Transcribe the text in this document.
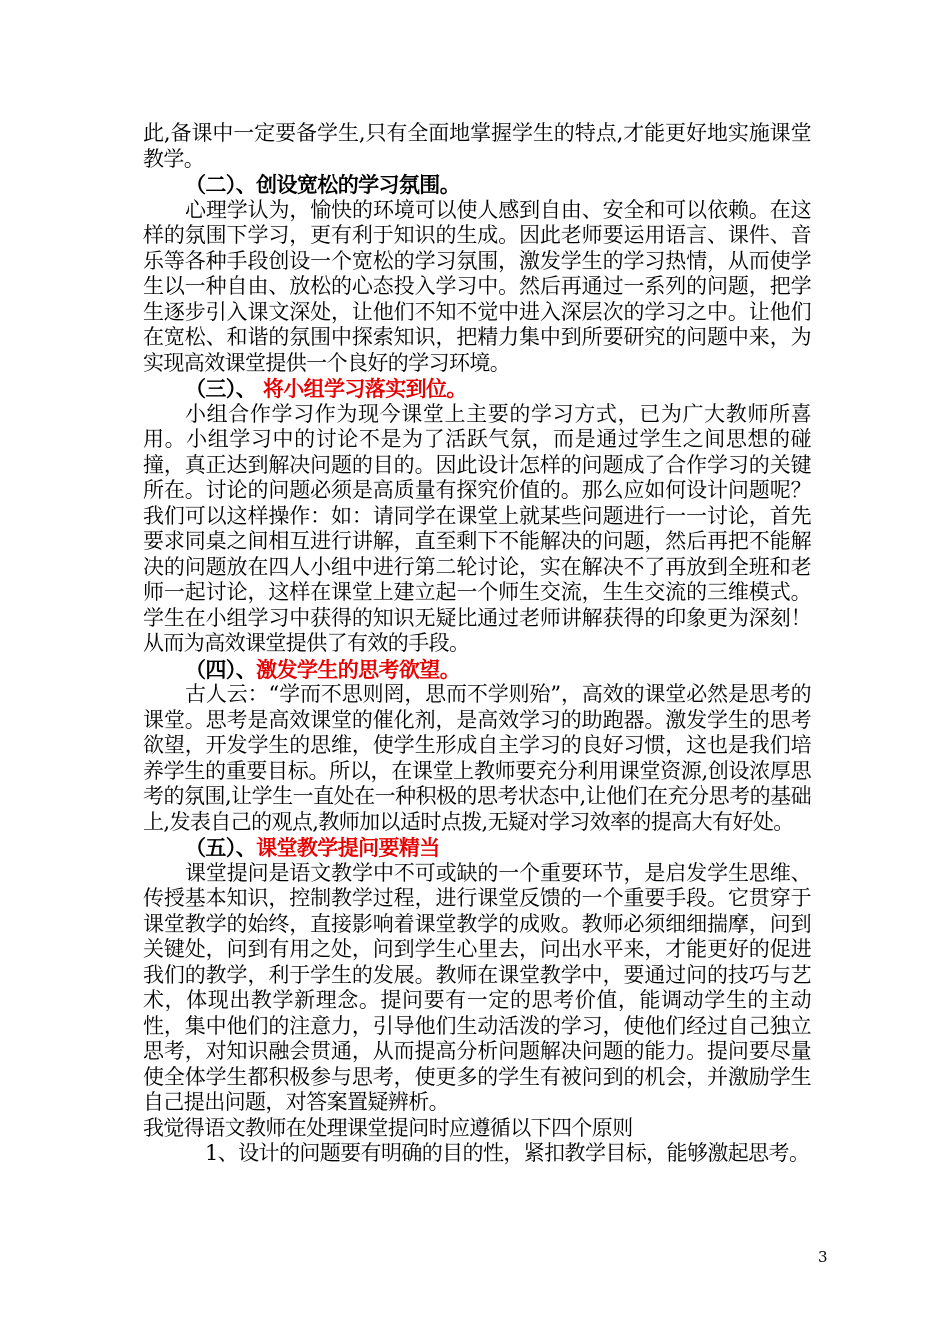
此,备课中一定要备学生,只有全面地掌握学生的特点,才能更好地实施课堂教学。

（二）、创设宽松的学习氛围。

心理学认为，愉快的环境可以使人感到自由、安全和可以依赖。在这样的氛围下学习，更有利于知识的生成。因此老师要运用语言、课件、音乐等各种手段创设一个宽松的学习氛围，激发学生的学习热情，从而使学生以一种自由、放松的心态投入学习中。然后再通过一系列的问题，把学生逐步引入课文深处，让他们不知不觉中进入深层次的学习之中。让他们在宽松、和谐的氛围中探索知识，把精力集中到所要研究的问题中来，为实现高效课堂提供一个良好的学习环境。

（三）、 将小组学习落实到位。

小组合作学习作为现今课堂上主要的学习方式，已为广大教师所喜用。小组学习中的讨论不是为了活跃气氛，而是通过学生之间思想的碰撞，真正达到解决问题的目的。因此设计怎样的问题成了合作学习的关键所在。讨论的问题必须是高质量有探究价值的。那么应如何设计问题呢？我们可以这样操作：如：请同学在课堂上就某些问题进行一一讨论，首先要求同桌之间相互进行讲解，直至剩下不能解决的问题，然后再把不能解决的问题放在四人小组中进行第二轮讨论，实在解决不了再放到全班和老师一起讨论，这样在课堂上建立起一个师生交流，生生交流的三维模式。学生在小组学习中获得的知识无疑比通过老师讲解获得的印象更为深刻！从而为高效课堂提供了有效的手段。

（四）、激发学生的思考欲望。

古人云：“学而不思则罔，思而不学则殆”，高效的课堂必然是思考的课堂。思考是高效课堂的催化剂，是高效学习的助跑器。激发学生的思考欲望，开发学生的思维，使学生形成自主学习的良好习惯，这也是我们培养学生的重要目标。所以，在课堂上教师要充分利用课堂资源,创设浓厚思考的氛围,让学生一直处在一种积极的思考状态中,让他们在充分思考的基础上,发表自己的观点,教师加以适时点拨,无疑对学习效率的提高大有好处。

（五）、课堂教学提问要精当

课堂提问是语文教学中不可或缺的一个重要环节，是启发学生思维、传授基本知识，控制教学过程，进行课堂反馈的一个重要手段。它贯穿于课堂教学的始终，直接影响着课堂教学的成败。教师必须细细揣摩，问到关键处，问到有用之处，问到学生心里去，问出水平来，才能更好的促进我们的教学，利于学生的发展。教师在课堂教学中，要通过问的技巧与艺术，体现出教学新理念。提问要有一定的思考价值，能调动学生的主动性，集中他们的注意力，引导他们生动活泼的学习，使他们经过自己独立思考，对知识融会贯通，从而提高分析问题解决问题的能力。提问要尽量使全体学生都积极参与思考，使更多的学生有被问到的机会，并激励学生自己提出问题，对答案置疑辨析。

我觉得语文教师在处理课堂提问时应遵循以下四个原则

1、设计的问题要有明确的目的性，紧扣教学目标，能够激起思考。

3
